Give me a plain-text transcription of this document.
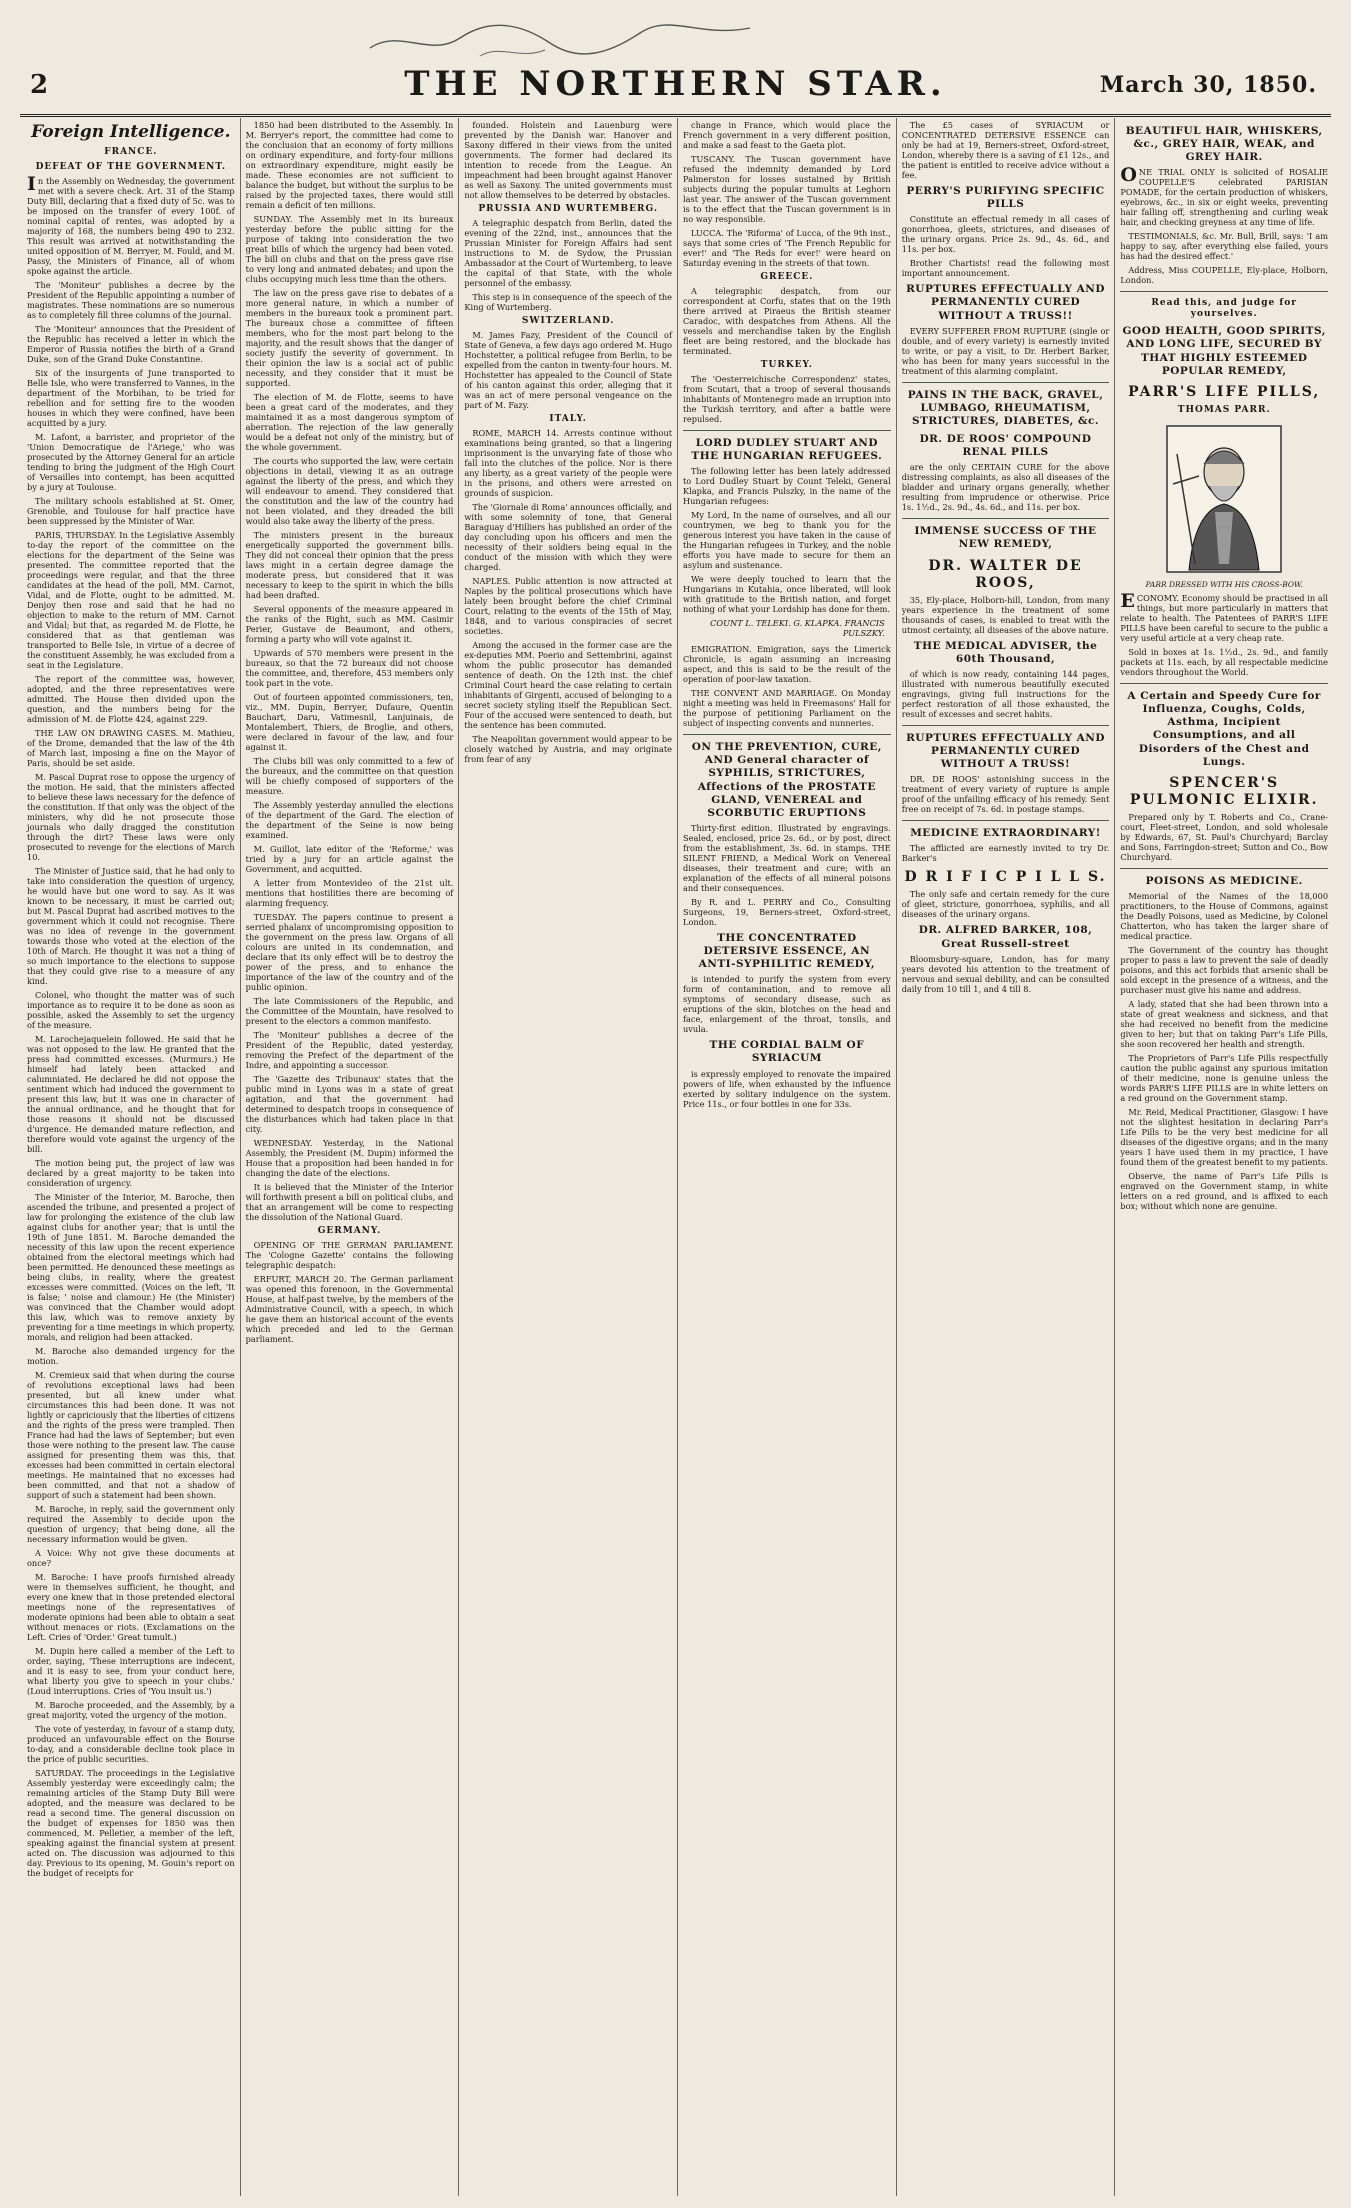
2	THE NORTHERN STAR.	March 30, 1850.
Foreign Intelligence.
FRANCE.
DEFEAT OF THE GOVERNMENT.

In the Assembly on Wednesday, the government met with a severe check. Art. 31 of the Stamp Duty Bill, declaring that a fixed duty of 5c. was to be imposed on the transfer of every 100f. of nominal capital of rentes, was adopted by a majority of 168, the numbers being 490 to 232. This result was arrived at notwithstanding the united opposition of M. Berryer, M. Fould, and M. Passy, the Ministers of Finance, all of whom spoke against the article.

The 'Moniteur' publishes a decree by the President of the Republic appointing a number of magistrates. These nominations are so numerous as to completely fill three columns of the journal.

The 'Moniteur' announces that the President of the Republic has received a letter in which the Emperor of Russia notifies the birth of a Grand Duke, son of the Grand Duke Constantine.

Six of the insurgents of June transported to Belle Isle, who were transferred to Vannes, in the department of the Morbihan, to be tried for rebellion and for setting fire to the wooden houses in which they were confined, have been acquitted by a jury.

M. Lafont, a barrister, and proprietor of the 'Union Democratique de l'Ariege,' who was prosecuted by the Attorney General for an article tending to bring the judgment of the High Court of Versailles into contempt, has been acquitted by a jury at Toulouse.

The military schools established at St. Omer, Grenoble, and Toulouse for half practice have been suppressed by the Minister of War.

PARIS, THURSDAY. In the Legislative Assembly to-day the report of the committee on the elections for the department of the Seine was presented. The committee reported that the proceedings were regular, and that the three candidates at the head of the poll, MM. Carnot, Vidal, and de Flotte, ought to be admitted. M. Denjoy then rose and said that he had no objection to make to the return of MM. Carnot and Vidal; but that, as regarded M. de Flotte, he considered that as that gentleman was transported to Belle Isle, in virtue of a decree of the constituent Assembly, he was excluded from a seat in the Legislature.

The report of the committee was, however, adopted, and the three representatives were admitted. The House then divided upon the question, and the numbers being for the admission of M. de Flotte 424, against 229.

THE LAW ON DRAWING CASES. M. Mathieu, of the Drome, demanded that the law of the 4th of March last, imposing a fine on the Mayor of Paris, should be set aside.

M. Pascal Duprat rose to oppose the urgency of the motion. He said, that the ministers affected to believe these laws necessary for the defence of the constitution. If that only was the object of the ministers, why did he not prosecute those journals who daily dragged the constitution through the dirt? These laws were only prosecuted to revenge for the elections of March 10.

The Minister of Justice said, that he had only to take into consideration the question of urgency, he would have but one word to say. As it was known to be necessary, it must be carried out; but M. Pascal Duprat had ascribed motives to the government which it could not recognise. There was no idea of revenge in the government towards those who voted at the election of the 10th of March. He thought it was not a thing of so much importance to the elections to suppose that they could give rise to a measure of any kind.

Colonel, who thought the matter was of such importance as to require it to be done as soon as possible, asked the Assembly to set the urgency of the measure.

M. Larochejaquelein followed. He said that he was not opposed to the law. He granted that the press had committed excesses. (Murmurs.) He himself had lately been attacked and calumniated. He declared he did not oppose the sentiment which had induced the government to present this law, but it was one in character of the annual ordinance, and he thought that for those reasons it should not be discussed d'urgence. He demanded mature reflection, and therefore would vote against the urgency of the bill.

The motion being put, the project of law was declared by a great majority to be taken into consideration of urgency.

The Minister of the Interior, M. Baroche, then ascended the tribune, and presented a project of law for prolonging the existence of the club law against clubs for another year; that is until the 19th of June 1851. M. Baroche demanded the necessity of this law upon the recent experience obtained from the electoral meetings which had been permitted. He denounced these meetings as being clubs, in reality, where the greatest excesses were committed. (Voices on the left, 'It is false; ' noise and clamour.) He (the Minister) was convinced that the Chamber would adopt this law, which was to remove anxiety by preventing for a time meetings in which property, morals, and religion had been attacked.

M. Baroche also demanded urgency for the motion.

M. Cremieux said that when during the course of revolutions exceptional laws had been presented, but all knew under what circumstances this had been done. It was not lightly or capriciously that the liberties of citizens and the rights of the press were trampled. Then France had had the laws of September; but even those were nothing to the present law. The cause assigned for presenting them was this, that excesses had been committed in certain electoral meetings. He maintained that no excesses had been committed, and that not a shadow of support of such a statement had been shown.

M. Baroche, in reply, said the government only required the Assembly to decide upon the question of urgency; that being done, all the necessary information would be given.

A Voice: Why not give these documents at once?

M. Baroche: I have proofs furnished already were in themselves sufficient, he thought, and every one knew that in those pretended electoral meetings none of the representatives of moderate opinions had been able to obtain a seat without menaces or riots. (Exclamations on the Left. Cries of 'Order.' Great tumult.)

M. Dupin here called a member of the Left to order, saying, 'These interruptions are indecent, and it is easy to see, from your conduct here, what liberty you give to speech in your clubs.' (Loud interruptions. Cries of 'You insult us.')

M. Baroche proceeded, and the Assembly, by a great majority, voted the urgency of the motion.

The vote of yesterday, in favour of a stamp duty, produced an unfavourable effect on the Bourse to-day, and a considerable decline took place in the price of public securities.

SATURDAY. The proceedings in the Legislative Assembly yesterday were exceedingly calm; the remaining articles of the Stamp Duty Bill were adopted, and the measure was declared to be read a second time. The general discussion on the budget of expenses for 1850 was then commenced, M. Pelletier, a member of the left, speaking against the financial system at present acted on. The discussion was adjourned to this day. Previous to its opening, M. Gouin's report on the budget of receipts for

1850 had been distributed to the Assembly. In M. Berryer's report, the committee had come to the conclusion that an economy of forty millions on ordinary expenditure, and forty-four millions on extraordinary expenditure, might easily be made. These economies are not sufficient to balance the budget, but without the surplus to be raised by the projected taxes, there would still remain a deficit of ten millions.

SUNDAY. The Assembly met in its bureaux yesterday before the public sitting for the purpose of taking into consideration the two great bills of which the urgency had been voted. The bill on clubs and that on the press gave rise to very long and animated debates; and upon the clubs occupying much less time than the others.

The law on the press gave rise to debates of a more general nature, in which a number of members in the bureaux took a prominent part. The bureaux chose a committee of fifteen members, who for the most part belong to the majority, and the result shows that the danger of society justify the severity of government. In their opinion the law is a social act of public necessity, and they consider that it must be supported.

The election of M. de Flotte, seems to have been a great card of the moderates, and they maintained it as a most dangerous symptom of aberration. The rejection of the law generally would be a defeat not only of the ministry, but of the whole government.

The courts who supported the law, were certain objections in detail, viewing it as an outrage against the liberty of the press, and which they will endeavour to amend. They considered that the constitution and the law of the country had not been violated, and they dreaded the bill would also take away the liberty of the press.

The ministers present in the bureaux energetically supported the government bills. They did not conceal their opinion that the press laws might in a certain degree damage the moderate press, but considered that it was necessary to keep to the spirit in which the bills had been drafted.

Several opponents of the measure appeared in the ranks of the Right, such as MM. Casimir Perier, Gustave de Beaumont, and others, forming a party who will vote against it.

Upwards of 570 members were present in the bureaux, so that the 72 bureaux did not choose the committee, and, therefore, 453 members only took part in the vote.

Out of fourteen appointed commissioners, ten, viz., MM. Dupin, Berryer, Dufaure, Quentin Bauchart, Daru, Vatimesnil, Lanjuinais, de Montalembert, Thiers, de Broglie, and others, were declared in favour of the law, and four against it.

The Clubs bill was only committed to a few of the bureaux, and the committee on that question will be chiefly composed of supporters of the measure.

The Assembly yesterday annulled the elections of the department of the Gard. The election of the department of the Seine is now being examined.

M. Guillot, late editor of the 'Reforme,' was tried by a jury for an article against the Government, and acquitted.

A letter from Montevideo of the 21st ult. mentions that hostilities there are becoming of alarming frequency.

TUESDAY. The papers continue to present a serried phalanx of uncompromising opposition to the government on the press law. Organs of all colours are united in its condemnation, and declare that its only effect will be to destroy the power of the press, and to enhance the importance of the law of the country and of the public opinion.

The late Commissioners of the Republic, and the Committee of the Mountain, have resolved to present to the electors a common manifesto.

The 'Moniteur' publishes a decree of the President of the Republic, dated yesterday, removing the Prefect of the department of the Indre, and appointing a successor.

The 'Gazette des Tribunaux' states that the public mind in Lyons was in a state of great agitation, and that the government had determined to despatch troops in consequence of the disturbances which had taken place in that city.

WEDNESDAY. Yesterday, in the National Assembly, the President (M. Dupin) informed the House that a proposition had been handed in for changing the date of the elections.

It is believed that the Minister of the Interior will forthwith present a bill on political clubs, and that an arrangement will be come to respecting the dissolution of the National Guard.

GERMANY.

OPENING OF THE GERMAN PARLIAMENT. The 'Cologne Gazette' contains the following telegraphic despatch:

ERFURT, MARCH 20. The German parliament was opened this forenoon, in the Governmental House, at half-past twelve, by the members of the Administrative Council, with a speech, in which he gave them an historical account of the events which preceded and led to the German parliament.

founded. Holstein and Lauenburg were prevented by the Danish war. Hanover and Saxony differed in their views from the united governments. The former had declared its intention to recede from the League. An impeachment had been brought against Hanover as well as Saxony. The united governments must not allow themselves to be deterred by obstacles.

PRUSSIA AND WURTEMBERG.

A telegraphic despatch from Berlin, dated the evening of the 22nd, inst., announces that the Prussian Minister for Foreign Affairs had sent instructions to M. de Sydow, the Prussian Ambassador at the Court of Wurtemberg, to leave the capital of that State, with the whole personnel of the embassy.

This step is in consequence of the speech of the King of Wurtemberg.

SWITZERLAND.

M. James Fazy, President of the Council of State of Geneva, a few days ago ordered M. Hugo Hochstetter, a political refugee from Berlin, to be expelled from the canton in twenty-four hours. M. Hochstetter has appealed to the Council of State of his canton against this order, alleging that it was an act of mere personal vengeance on the part of M. Fazy.

ITALY.

ROME, MARCH 14. Arrests continue without examinations being granted, so that a lingering imprisonment is the unvarying fate of those who fall into the clutches of the police. Nor is there any liberty, as a great variety of the people were in the prisons, and others were arrested on grounds of suspicion.

The 'Giornale di Roma' announces officially, and with some solemnity of tone, that General Baraguay d'Hilliers has published an order of the day concluding upon his officers and men the necessity of their soldiers being equal in the conduct of the mission with which they were charged.

NAPLES. Public attention is now attracted at Naples by the political prosecutions which have lately been brought before the chief Criminal Court, relating to the events of the 15th of May, 1848, and to various conspiracies of secret societies.

Among the accused in the former case are the ex-deputies MM. Poerio and Settembrini, against whom the public prosecutor has demanded sentence of death. On the 12th inst. the chief Criminal Court heard the case relating to certain inhabitants of Girgenti, accused of belonging to a secret society styling itself the Republican Sect. Four of the accused were sentenced to death, but the sentence has been commuted.

The Neapolitan government would appear to be closely watched by Austria, and may originate from fear of any

change in France, which would place the French government in a very different position, and make a sad feast to the Gaeta plot.

TUSCANY. The Tuscan government have refused the indemnity demanded by Lord Palmerston for losses sustained by British subjects during the popular tumults at Leghorn last year. The answer of the Tuscan government is to the effect that the Tuscan government is in no way responsible.

LUCCA. The 'Riforma' of Lucca, of the 9th inst., says that some cries of 'The French Republic for ever!' and 'The Reds for ever!' were heard on Saturday evening in the streets of that town.

GREECE.

A telegraphic despatch, from our correspondent at Corfu, states that on the 19th there arrived at Piraeus the British steamer Caradoc, with despatches from Athens. All the vessels and merchandise taken by the English fleet are being restored, and the blockade has terminated.

TURKEY.

The 'Oesterreichische Correspondenz' states, from Scutari, that a troop of several thousands inhabitants of Montenegro made an irruption into the Turkish territory, and after a battle were repulsed.

LORD DUDLEY STUART AND THE HUNGARIAN REFUGEES.

The following letter has been lately addressed to Lord Dudley Stuart by Count Teleki, General Klapka, and Francis Pulszky, in the name of the Hungarian refugees:

My Lord, In the name of ourselves, and all our countrymen, we beg to thank you for the generous interest you have taken in the cause of the Hungarian refugees in Turkey, and the noble efforts you have made to secure for them an asylum and sustenance.

We were deeply touched to learn that the Hungarians in Kutahia, once liberated, will look with gratitude to the British nation, and forget nothing of what your Lordship has done for them.

COUNT L. TELEKI. G. KLAPKA. FRANCIS PULSZKY.

EMIGRATION. Emigration, says the Limerick Chronicle, is again assuming an increasing aspect, and this is said to be the result of the operation of poor-law taxation.

THE CONVENT AND MARRIAGE. On Monday night a meeting was held in Freemasons' Hall for the purpose of petitioning Parliament on the subject of inspecting convents and nunneries.

ON THE PREVENTION, CURE, AND General character of SYPHILIS, STRICTURES, Affections of the PROSTATE GLAND, VENEREAL and SCORBUTIC ERUPTIONS

Thirty-first edition. Illustrated by engravings. Sealed, enclosed, price 2s. 6d., or by post, direct from the establishment, 3s. 6d. in stamps. THE SILENT FRIEND, a Medical Work on Venereal diseases, their treatment and cure; with an explanation of the effects of all mineral poisons and their consequences.

By R. and L. PERRY and Co., Consulting Surgeons, 19, Berners-street, Oxford-street, London.

THE CONCENTRATED DETERSIVE ESSENCE, AN ANTI-SYPHILITIC REMEDY,

is intended to purify the system from every form of contamination, and to remove all symptoms of secondary disease, such as eruptions of the skin, blotches on the head and face, enlargement of the throat, tonsils, and uvula.

THE CORDIAL BALM OF SYRIACUM

is expressly employed to renovate the impaired powers of life, when exhausted by the influence exerted by solitary indulgence on the system. Price 11s., or four bottles in one for 33s.

The £5 cases of SYRIACUM or CONCENTRATED DETERSIVE ESSENCE can only be had at 19, Berners-street, Oxford-street, London, whereby there is a saving of £1 12s., and the patient is entitled to receive advice without a fee.

PERRY'S PURIFYING SPECIFIC PILLS

Constitute an effectual remedy in all cases of gonorrhoea, gleets, strictures, and diseases of the urinary organs. Price 2s. 9d., 4s. 6d., and 11s. per box.

Brother Chartists! read the following most important announcement.

RUPTURES EFFECTUALLY AND PERMANENTLY CURED WITHOUT A TRUSS!!

EVERY SUFFERER FROM RUPTURE (single or double, and of every variety) is earnestly invited to write, or pay a visit, to Dr. Herbert Barker, who has been for many years successful in the treatment of this alarming complaint.

PAINS IN THE BACK, GRAVEL, LUMBAGO, RHEUMATISM, STRICTURES, DIABETES, &c.
DR. DE ROOS' COMPOUND RENAL PILLS

are the only CERTAIN CURE for the above distressing complaints, as also all diseases of the bladder and urinary organs generally, whether resulting from imprudence or otherwise. Price 1s. 1½d., 2s. 9d., 4s. 6d., and 11s. per box.

IMMENSE SUCCESS OF THE NEW REMEDY,
DR. WALTER DE ROOS,

35, Ely-place, Holborn-hill, London, from many years experience in the treatment of some thousands of cases, is enabled to treat with the utmost certainty, all diseases of the above nature.

THE MEDICAL ADVISER, the 60th Thousand,

of which is now ready, containing 144 pages, illustrated with numerous beautifully executed engravings, giving full instructions for the perfect restoration of all those exhausted, the result of excesses and secret habits.

RUPTURES EFFECTUALLY AND PERMANENTLY CURED WITHOUT A TRUSS!

DR. DE ROOS' astonishing success in the treatment of every variety of rupture is ample proof of the unfailing efficacy of his remedy. Sent free on receipt of 7s. 6d. in postage stamps.

MEDICINE EXTRAORDINARY!

The afflicted are earnestly invited to try Dr. Barker's

D R I F I C P I L L S.

The only safe and certain remedy for the cure of gleet, stricture, gonorrhoea, syphilis, and all diseases of the urinary organs.

DR. ALFRED BARKER, 108, Great Russell-street

Bloomsbury-square, London, has for many years devoted his attention to the treatment of nervous and sexual debility, and can be consulted daily from 10 till 1, and 4 till 8.

BEAUTIFUL HAIR, WHISKERS, &c., GREY HAIR, WEAK, and GREY HAIR.

ONE TRIAL ONLY is solicited of ROSALIE COUPELLE'S celebrated PARISIAN POMADE, for the certain production of whiskers, eyebrows, &c., in six or eight weeks, preventing hair falling off, strengthening and curling weak hair, and checking greyness at any time of life.

TESTIMONIALS, &c. Mr. Bull, Brill, says: 'I am happy to say, after everything else failed, yours has had the desired effect.'

Address, Miss COUPELLE, Ely-place, Holborn, London.

Read this, and judge for yourselves.
GOOD HEALTH, GOOD SPIRITS, AND LONG LIFE, SECURED BY THAT HIGHLY ESTEEMED POPULAR REMEDY,
PARR'S LIFE PILLS,
THOMAS PARR.
PARR DRESSED WITH HIS CROSS-BOW.

ECONOMY. Economy should be practised in all things, but more particularly in matters that relate to health. The Patentees of PARR'S LIFE PILLS have been careful to secure to the public a very useful article at a very cheap rate.

Sold in boxes at 1s. 1½d., 2s. 9d., and family packets at 11s. each, by all respectable medicine vendors throughout the World.

A Certain and Speedy Cure for Influenza, Coughs, Colds, Asthma, Incipient Consumptions, and all Disorders of the Chest and Lungs.
SPENCER'S PULMONIC ELIXIR.

Prepared only by T. Roberts and Co., Crane-court, Fleet-street, London, and sold wholesale by Edwards, 67, St. Paul's Churchyard; Barclay and Sons, Farringdon-street; Sutton and Co., Bow Churchyard.

POISONS AS MEDICINE.

Memorial of the Names of the 18,000 practitioners, to the House of Commons, against the Deadly Poisons, used as Medicine, by Colonel Chatterton, who has taken the larger share of medical practice.

The Government of the country has thought proper to pass a law to prevent the sale of deadly poisons, and this act forbids that arsenic shall be sold except in the presence of a witness, and the purchaser must give his name and address.

A lady, stated that she had been thrown into a state of great weakness and sickness, and that she had received no benefit from the medicine given to her; but that on taking Parr's Life Pills, she soon recovered her health and strength.

The Proprietors of Parr's Life Pills respectfully caution the public against any spurious imitation of their medicine, none is genuine unless the words PARR'S LIFE PILLS are in white letters on a red ground on the Government stamp.

Mr. Reid, Medical Practitioner, Glasgow: I have not the slightest hesitation in declaring Parr's Life Pills to be the very best medicine for all diseases of the digestive organs; and in the many years I have used them in my practice, I have found them of the greatest benefit to my patients.

Observe, the name of Parr's Life Pills is engraved on the Government stamp, in white letters on a red ground, and is affixed to each box; without which none are genuine.
